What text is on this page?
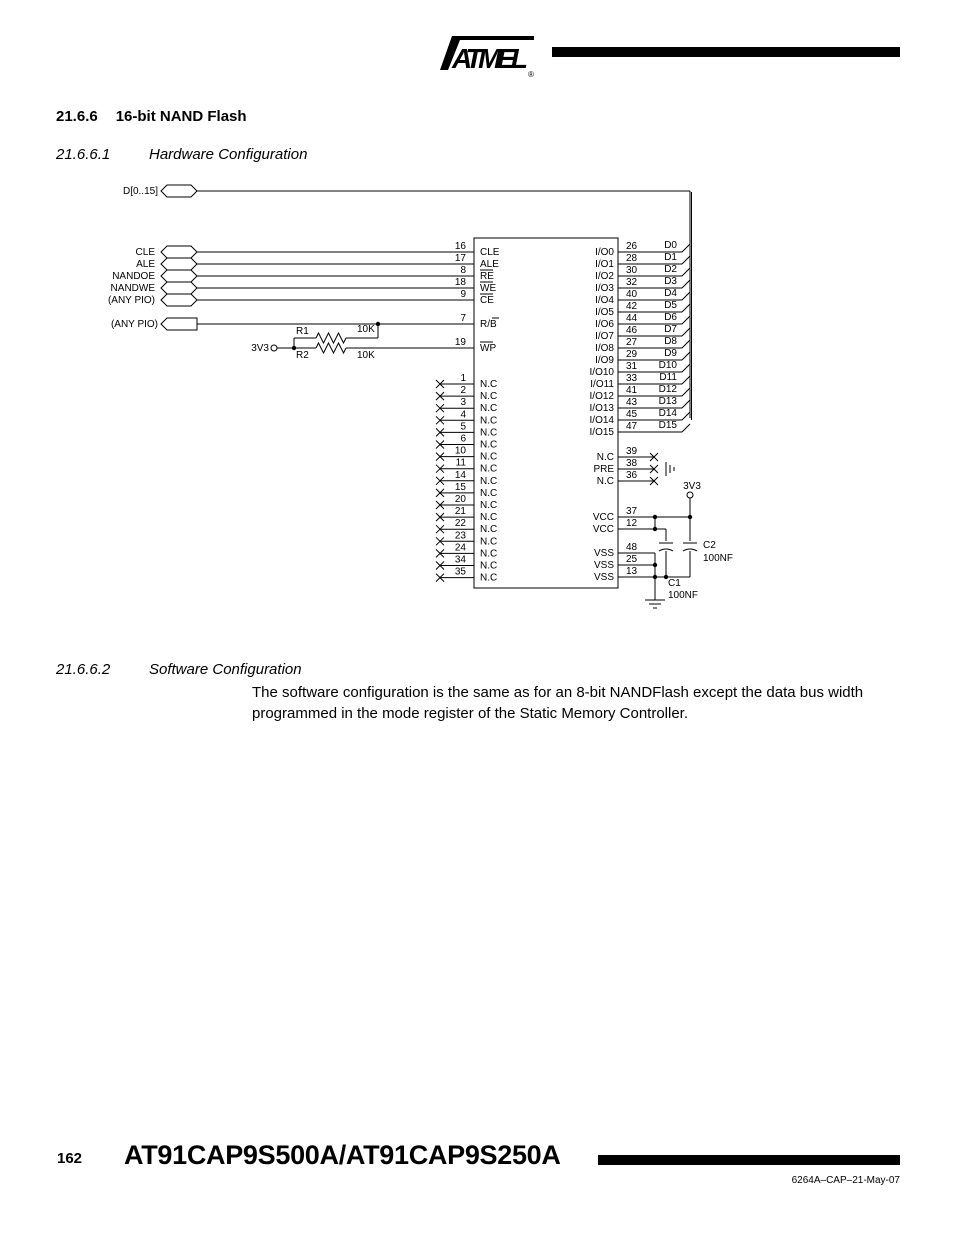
ATMEL
®
21.6.6 16-bit NAND Flash
21.6.6.1	Hardware Configuration
D[0..15]
16
CLE
17
ALE
8
RE
18
WE
9
CE
7
R/B
19
WP
CLE
ALE
NANDOE
NANDWE
(ANY PIO)
(ANY PIO)
3V3
R1	10K
R2	10K
1
N.C
2
N.C
3
N.C
4
N.C
5
N.C
6
N.C
10
N.C
11
N.C
14
N.C
15
N.C
20
N.C
21
N.C
22
N.C
23
N.C
24
N.C
34
N.C
35
N.C
I/O0
26	D0
I/O1
28	D1
I/O2
30	D2
I/O3
32	D3
I/O4
40	D4
I/O5
42	D5
I/O6
44	D6
I/O7
46	D7
I/O8
27	D8
I/O9
29	D9
I/O10
31 D10
I/O11
33 D11
I/O12
41 D12
I/O13
43 D13
I/O14
45 D14
I/O15
47 D15
N.C
39
PRE
38
N.C
36
VCC
37
VCC
12
3V3
C2
100NF
C1
100NF
VSS
48
VSS
25
VSS
13
21.6.6.2	Software Configuration
The software configuration is the same as for an 8-bit NANDFlash except the data bus width programmed in the mode register of the Static Memory Controller.
162 AT91CAP9S500A/AT91CAP9S250A
6264A–CAP–21-May-07
